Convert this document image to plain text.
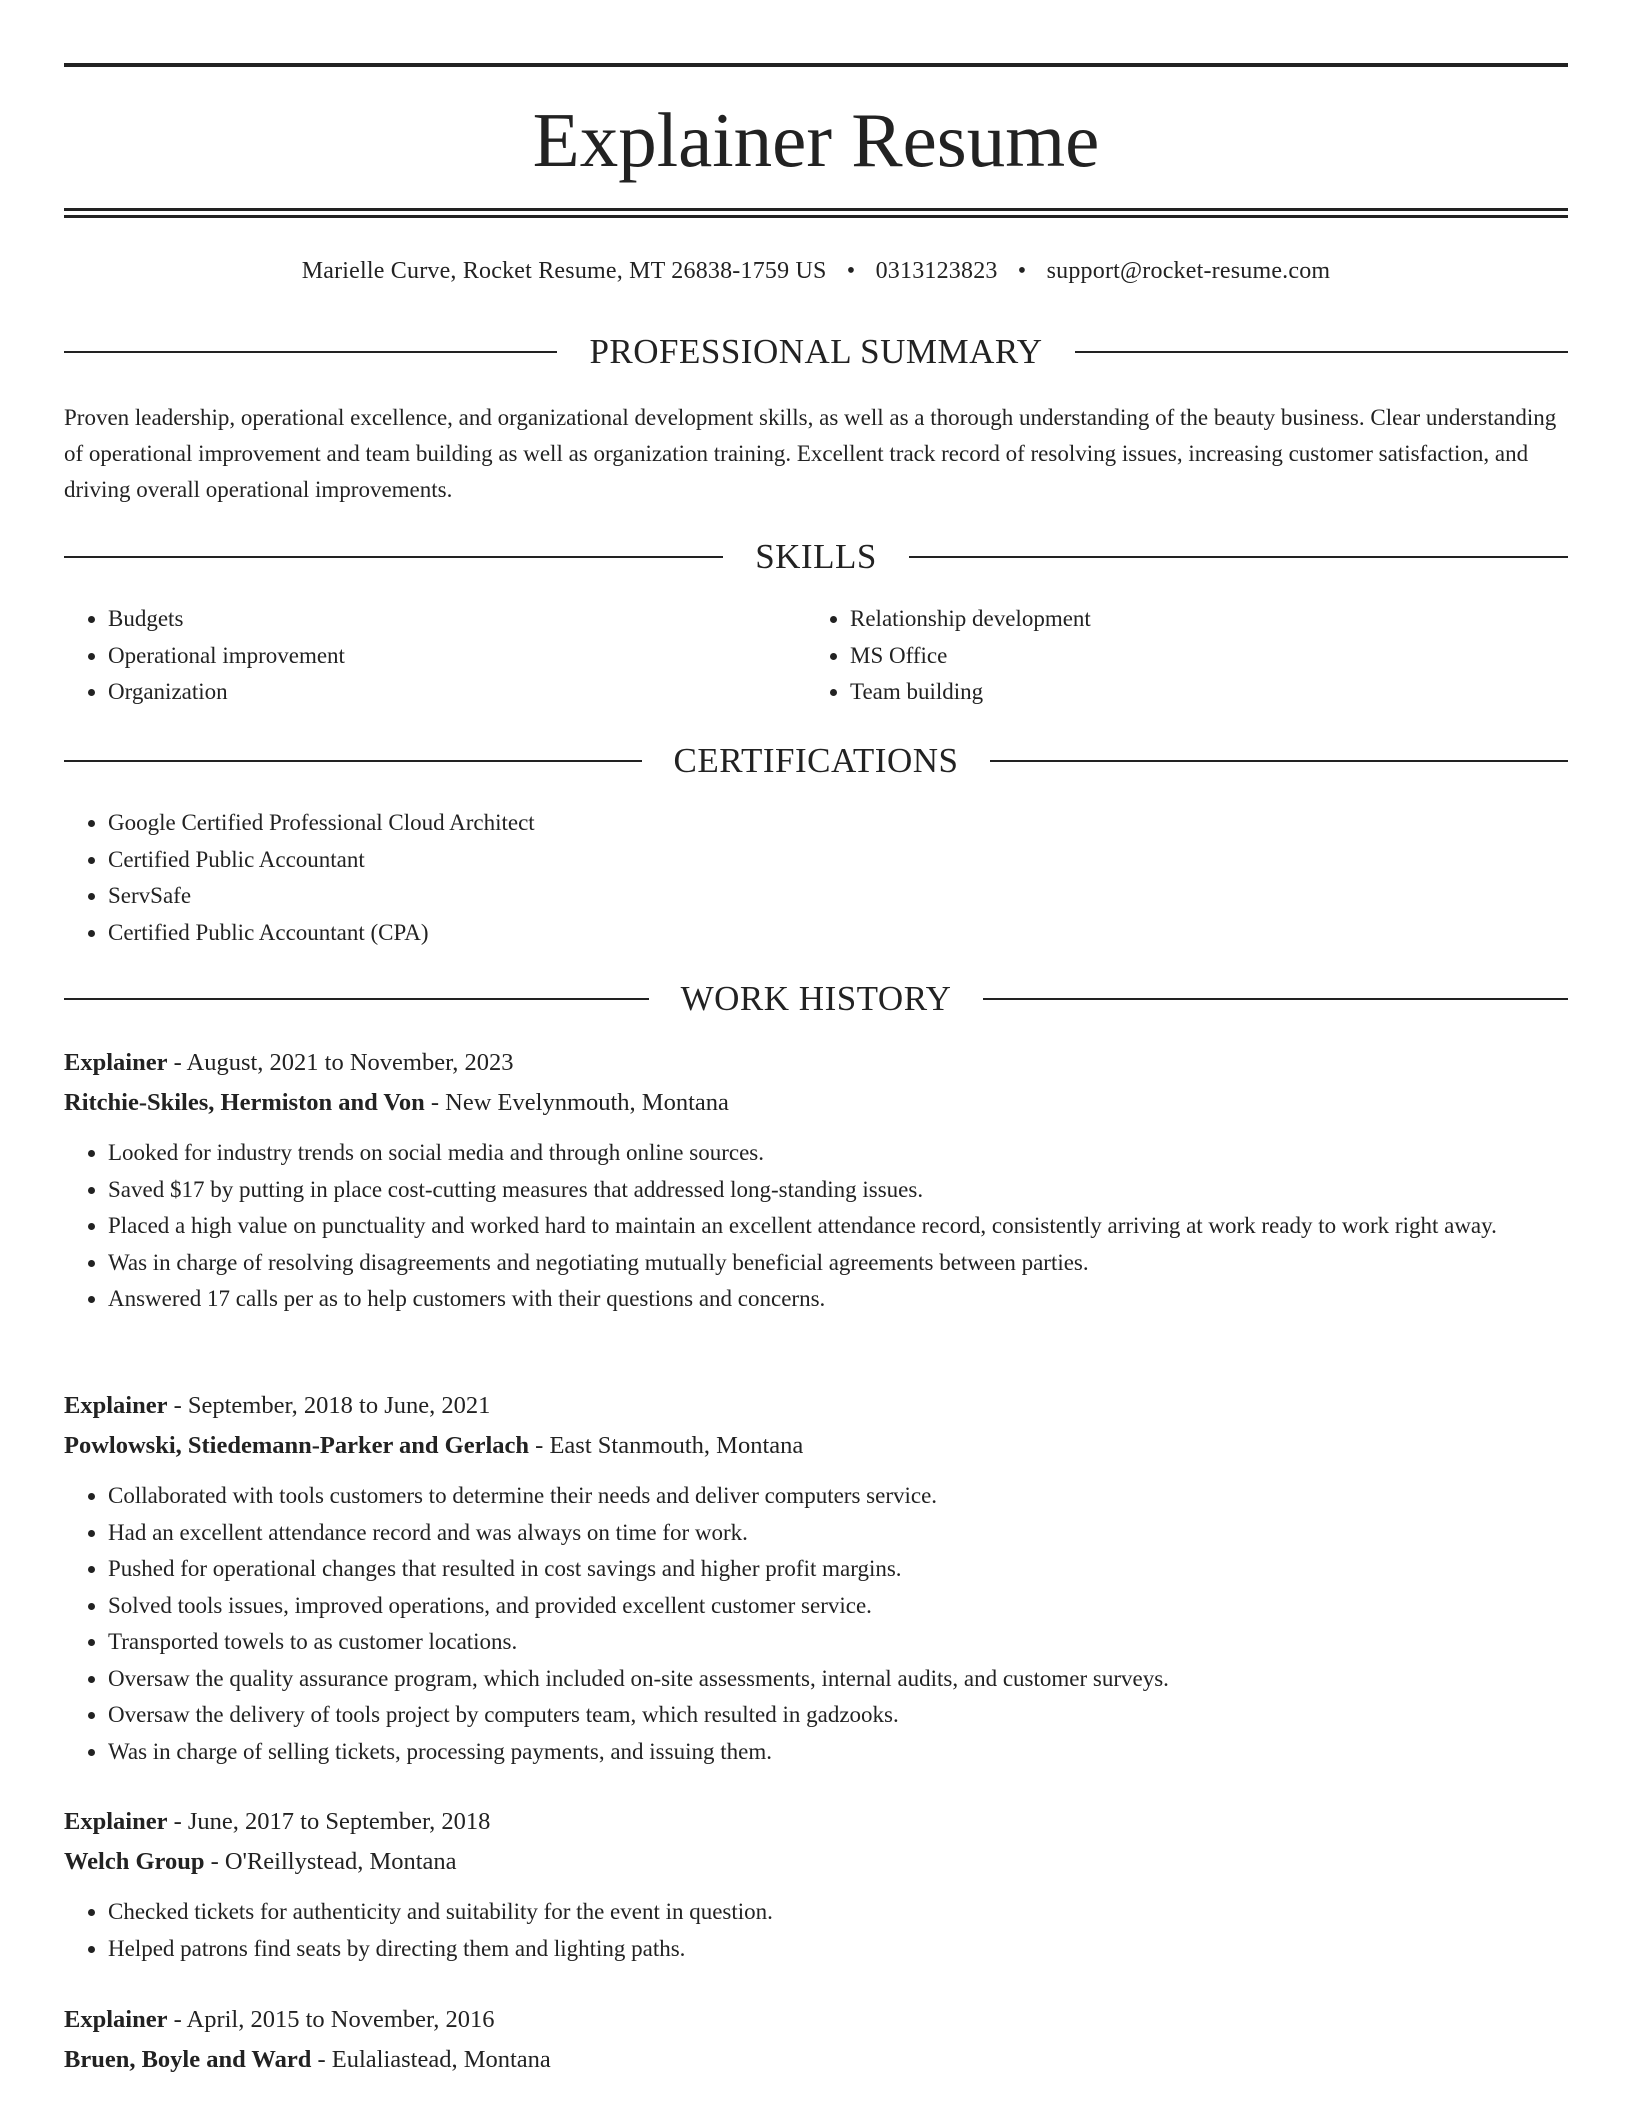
Explainer Resume
Marielle Curve, Rocket Resume, MT 26838-1759 US • 0313123823 • support@rocket-resume.com
PROFESSIONAL SUMMARY

Proven leadership, operational excellence, and organizational development skills, as well as a thorough understanding of the beauty business. Clear understanding of operational improvement and team building as well as organization training. Excellent track record of resolving issues, increasing customer satisfaction, and driving overall operational improvements.

SKILLS
• Budgets
• Operational improvement
• Organization
• Relationship development
• MS Office
• Team building
CERTIFICATIONS
• Google Certified Professional Cloud Architect
• Certified Public Accountant
• ServSafe
• Certified Public Accountant (CPA)
WORK HISTORY
Explainer - August, 2021 to November, 2023
Ritchie-Skiles, Hermiston and Von - New Evelynmouth, Montana
• Looked for industry trends on social media and through online sources.
• Saved $17 by putting in place cost-cutting measures that addressed long-standing issues.
• Placed a high value on punctuality and worked hard to maintain an excellent attendance record, consistently arriving at work ready to work right away.
• Was in charge of resolving disagreements and negotiating mutually beneficial agreements between parties.
• Answered 17 calls per as to help customers with their questions and concerns.
Explainer - September, 2018 to June, 2021
Powlowski, Stiedemann-Parker and Gerlach - East Stanmouth, Montana
• Collaborated with tools customers to determine their needs and deliver computers service.
• Had an excellent attendance record and was always on time for work.
• Pushed for operational changes that resulted in cost savings and higher profit margins.
• Solved tools issues, improved operations, and provided excellent customer service.
• Transported towels to as customer locations.
• Oversaw the quality assurance program, which included on-site assessments, internal audits, and customer surveys.
• Oversaw the delivery of tools project by computers team, which resulted in gadzooks.
• Was in charge of selling tickets, processing payments, and issuing them.
Explainer - June, 2017 to September, 2018
Welch Group - O'Reillystead, Montana
• Checked tickets for authenticity and suitability for the event in question.
• Helped patrons find seats by directing them and lighting paths.
Explainer - April, 2015 to November, 2016
Bruen, Boyle and Ward - Eulaliastead, Montana
